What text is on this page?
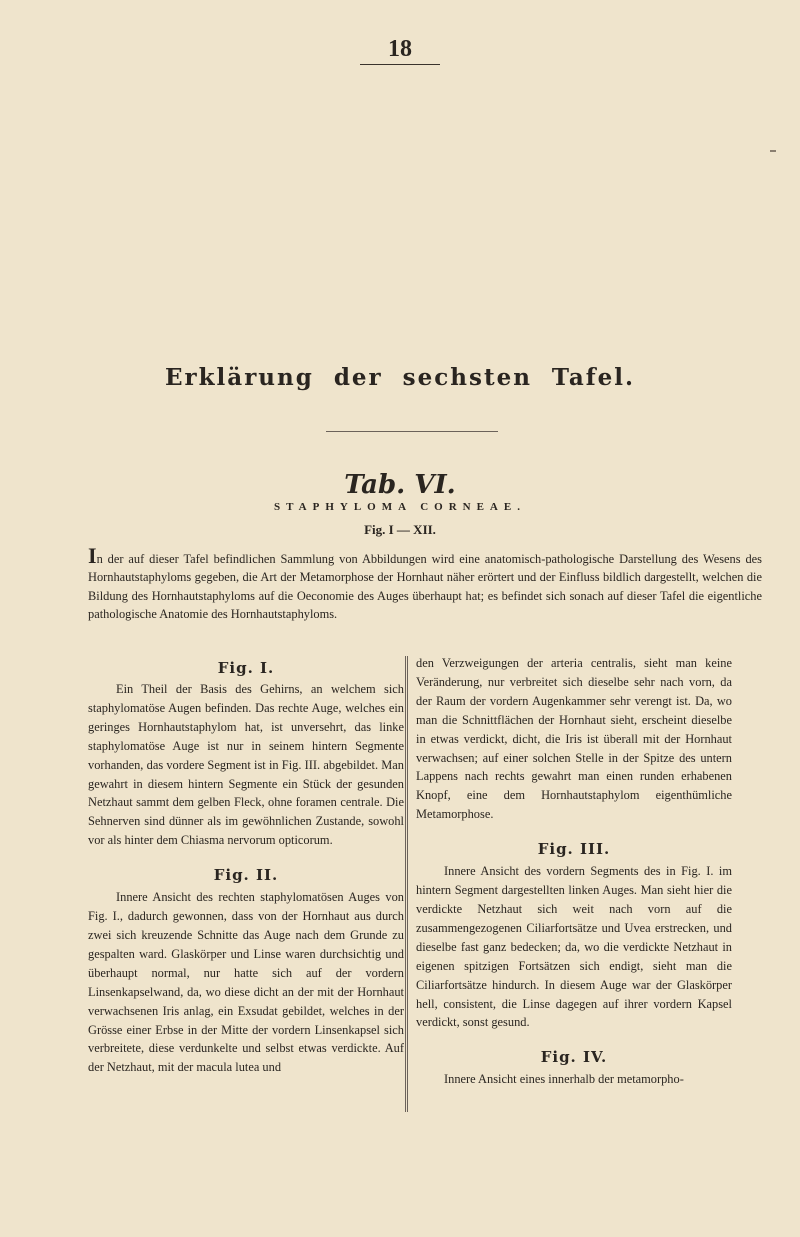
18
Erklärung der sechsten Tafel.
Tab. VI.
STAPHYLOMA CORNEAE.
Fig. I — XII.

In der auf dieser Tafel befindlichen Sammlung von Abbildungen wird eine anatomisch-pathologische Darstellung des Wesens des Hornhautstaphyloms gegeben, die Art der Metamorphose der Hornhaut näher erörtert und der Einfluss bildlich dargestellt, welchen die Bildung des Hornhautstaphyloms auf die Oeconomie des Auges überhaupt hat; es befindet sich sonach auf dieser Tafel die eigentliche pathologische Anatomie des Hornhautstaphyloms.

Fig. I.

Ein Theil der Basis des Gehirns, an welchem sich staphylomatöse Augen befinden. Das rechte Auge, welches ein geringes Hornhautstaphylom hat, ist unversehrt, das linke staphylomatöse Auge ist nur in seinem hintern Segmente vorhanden, das vordere Segment ist in Fig. III. abgebildet. Man gewahrt in diesem hintern Segmente ein Stück der gesunden Netzhaut sammt dem gelben Fleck, ohne foramen centrale. Die Sehnerven sind dünner als im gewöhnlichen Zustande, sowohl vor als hinter dem Chiasma nervorum opticorum.

Fig. II.

Innere Ansicht des rechten staphylomatösen Auges von Fig. I., dadurch gewonnen, dass von der Hornhaut aus durch zwei sich kreuzende Schnitte das Auge nach dem Grunde zu gespalten ward. Glaskörper und Linse waren durchsichtig und überhaupt normal, nur hatte sich auf der vordern Linsenkapselwand, da, wo diese dicht an der mit der Hornhaut verwachsenen Iris anlag, ein Exsudat gebildet, welches in der Grösse einer Erbse in der Mitte der vordern Linsenkapsel sich verbreitete, diese verdunkelte und selbst etwas verdickte. Auf der Netzhaut, mit der macula lutea und

den Verzweigungen der arteria centralis, sieht man keine Veränderung, nur verbreitet sich dieselbe sehr nach vorn, da der Raum der vordern Augenkammer sehr verengt ist. Da, wo man die Schnittflächen der Hornhaut sieht, erscheint dieselbe in etwas verdickt, dicht, die Iris ist überall mit der Hornhaut verwachsen; auf einer solchen Stelle in der Spitze des untern Lappens nach rechts gewahrt man einen runden erhabenen Knopf, eine dem Hornhautstaphylom eigenthümliche Metamorphose.

Fig. III.

Innere Ansicht des vordern Segments des in Fig. I. im hintern Segment dargestellten linken Auges. Man sieht hier die verdickte Netzhaut sich weit nach vorn auf die zusammengezogenen Ciliarfortsätze und Uvea erstrecken, und dieselbe fast ganz bedecken; da, wo die verdickte Netzhaut in eigenen spitzigen Fortsätzen sich endigt, sieht man die Ciliarfortsätze hindurch. In diesem Auge war der Glaskörper hell, consistent, die Linse dagegen auf ihrer vordern Kapsel verdickt, sonst gesund.

Fig. IV.

Innere Ansicht eines innerhalb der metamorpho-
